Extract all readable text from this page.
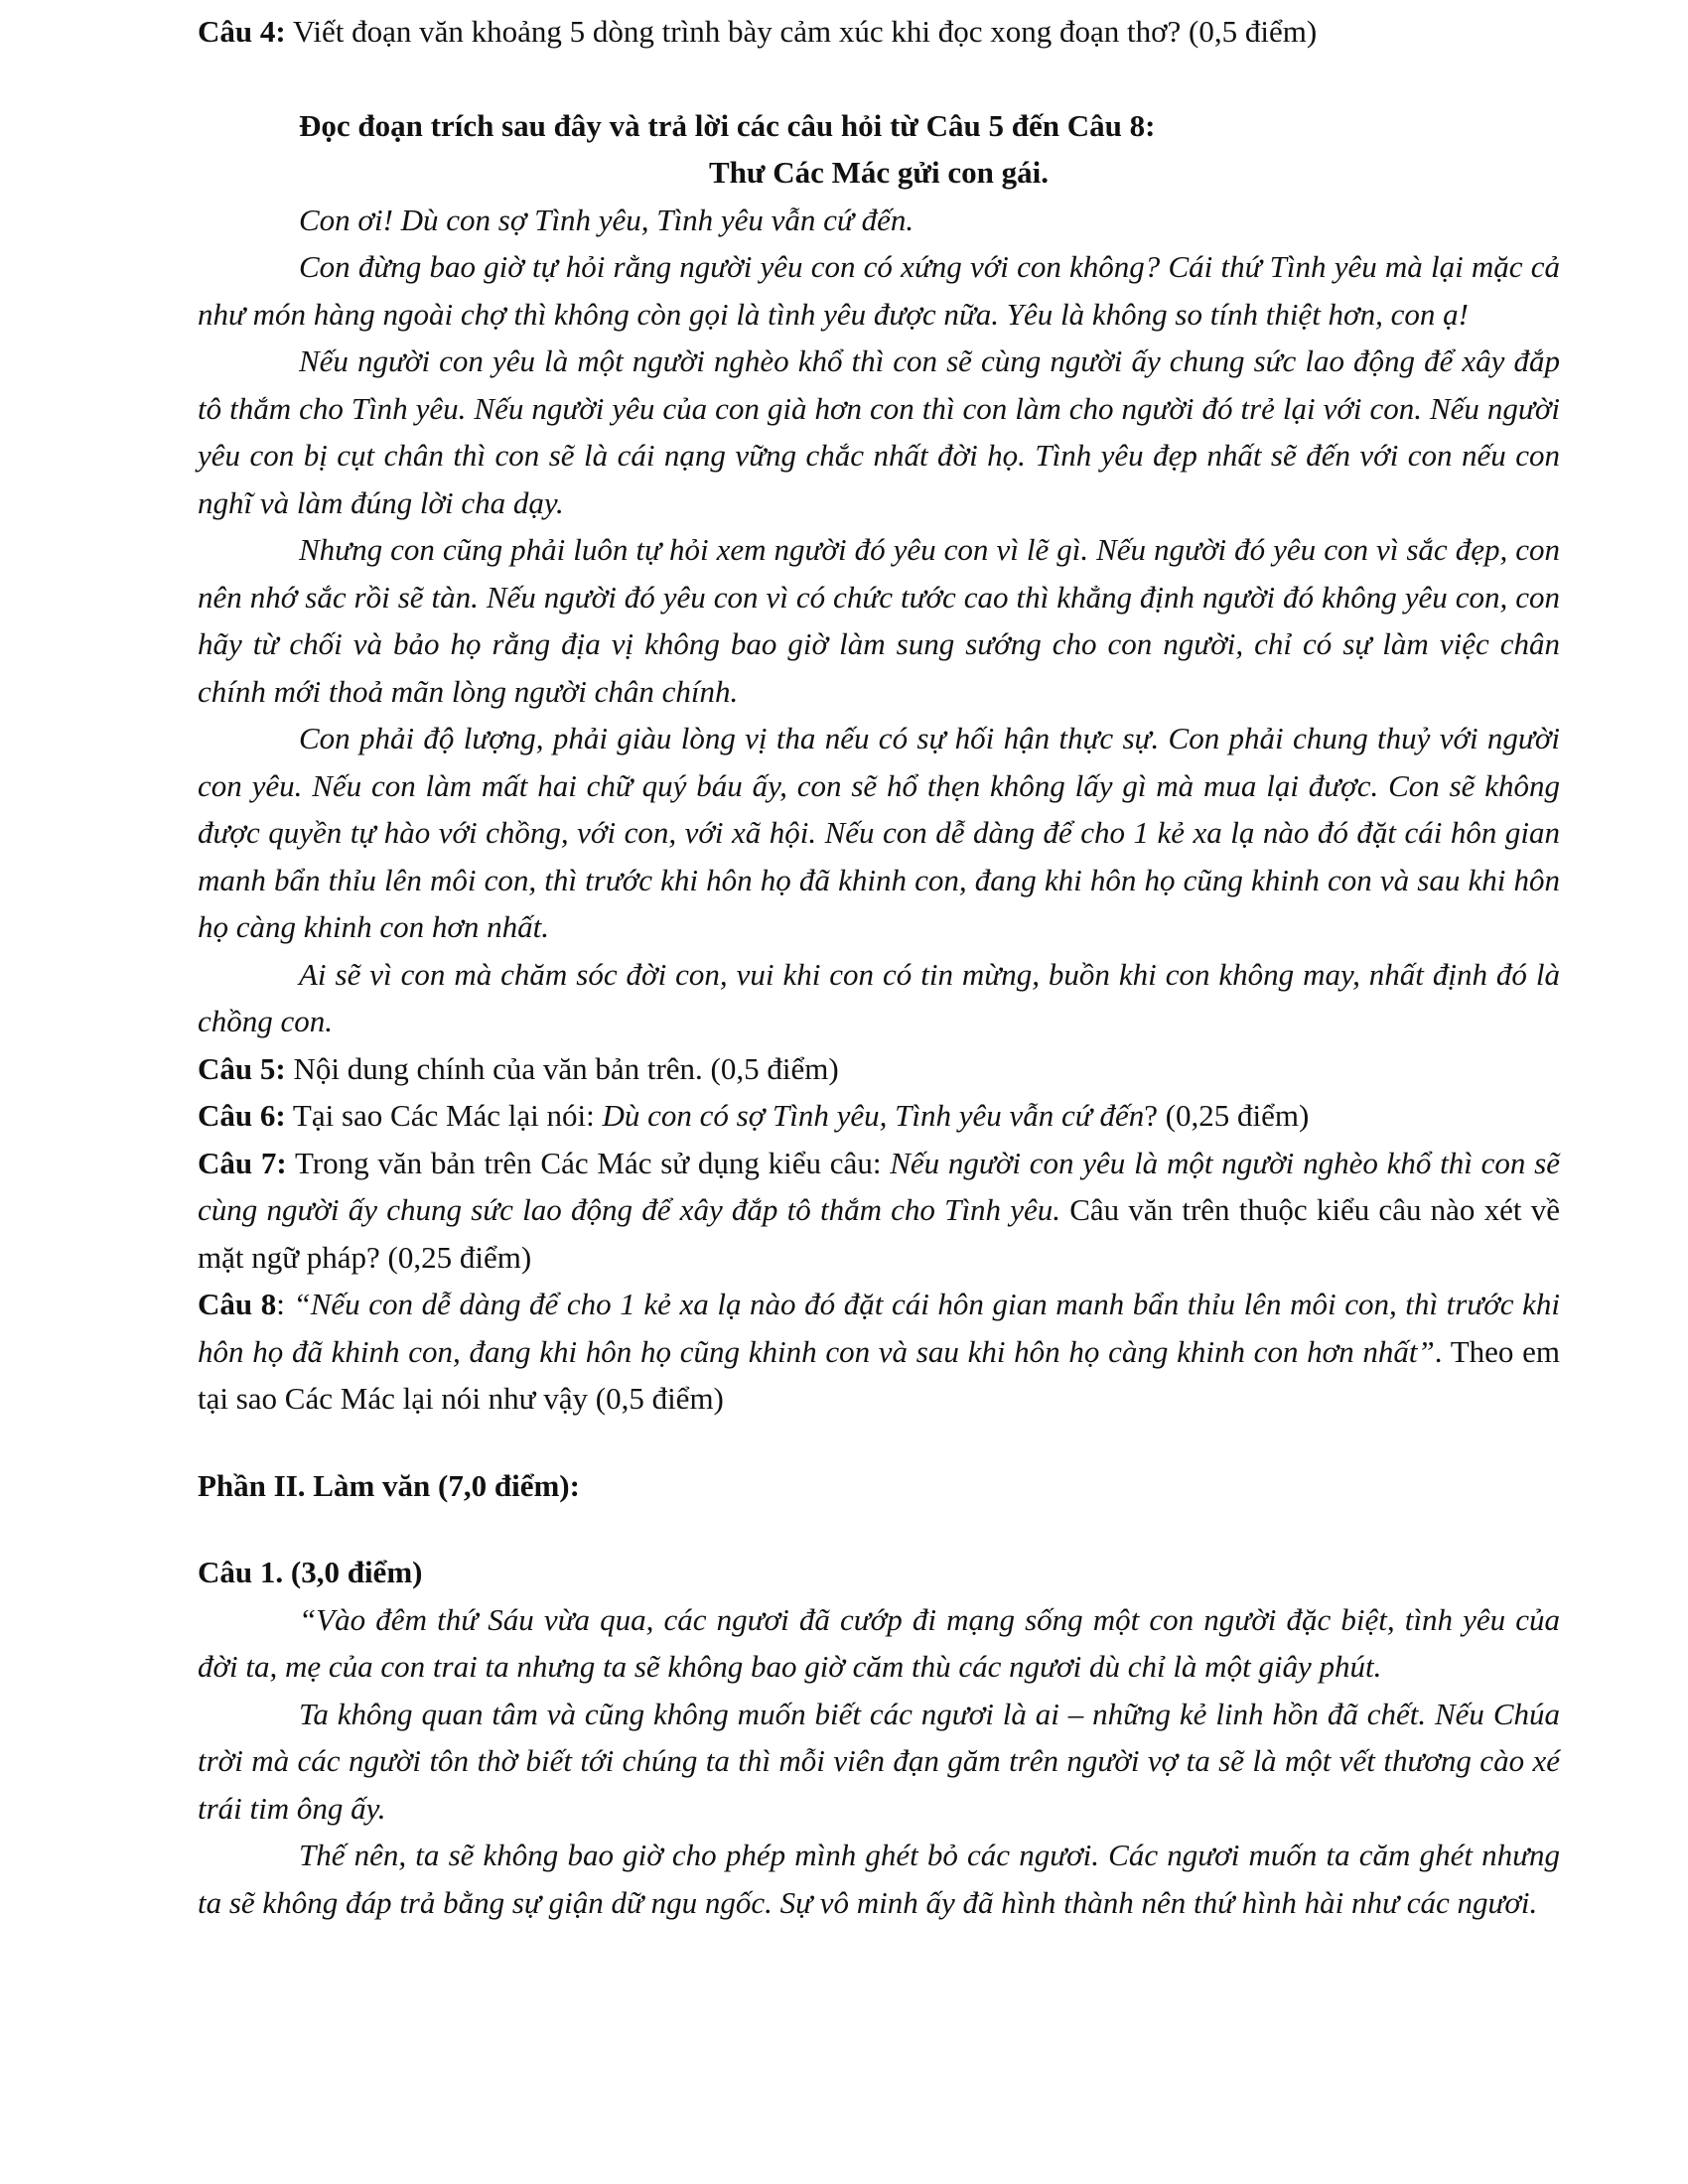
Câu 4: Viết đoạn văn khoảng 5 dòng trình bày cảm xúc khi đọc xong đoạn thơ? (0,5 điểm)

Đọc đoạn trích sau đây và trả lời các câu hỏi từ Câu 5 đến Câu 8:

Thư Các Mác gửi con gái.

Con ơi! Dù con sợ Tình yêu, Tình yêu vẫn cứ đến.

Con đừng bao giờ tự hỏi rằng người yêu con có xứng với con không? Cái thứ Tình yêu mà lại mặc cả như món hàng ngoài chợ thì không còn gọi là tình yêu được nữa. Yêu là không so tính thiệt hơn, con ạ!

Nếu người con yêu là một người nghèo khổ thì con sẽ cùng người ấy chung sức lao động để xây đắp tô thắm cho Tình yêu. Nếu người yêu của con già hơn con thì con làm cho người đó trẻ lại với con. Nếu người yêu con bị cụt chân thì con sẽ là cái nạng vững chắc nhất đời họ. Tình yêu đẹp nhất sẽ đến với con nếu con nghĩ và làm đúng lời cha dạy.

Nhưng con cũng phải luôn tự hỏi xem người đó yêu con vì lẽ gì. Nếu người đó yêu con vì sắc đẹp, con nên nhớ sắc rồi sẽ tàn. Nếu người đó yêu con vì có chức tước cao thì khẳng định người đó không yêu con, con hãy từ chối và bảo họ rằng địa vị không bao giờ làm sung sướng cho con người, chỉ có sự làm việc chân chính mới thoả mãn lòng người chân chính.

Con phải độ lượng, phải giàu lòng vị tha nếu có sự hối hận thực sự. Con phải chung thuỷ với người con yêu. Nếu con làm mất hai chữ quý báu ấy, con sẽ hổ thẹn không lấy gì mà mua lại được. Con sẽ không được quyền tự hào với chồng, với con, với xã hội. Nếu con dễ dàng để cho 1 kẻ xa lạ nào đó đặt cái hôn gian manh bẩn thỉu lên môi con, thì trước khi hôn họ đã khinh con, đang khi hôn họ cũng khinh con và sau khi hôn họ càng khinh con hơn nhất.

Ai sẽ vì con mà chăm sóc đời con, vui khi con có tin mừng, buồn khi con không may, nhất định đó là chồng con.

Câu 5: Nội dung chính của văn bản trên. (0,5 điểm)

Câu 6: Tại sao Các Mác lại nói: Dù con có sợ Tình yêu, Tình yêu vẫn cứ đến? (0,25 điểm)

Câu 7: Trong văn bản trên Các Mác sử dụng kiểu câu: Nếu người con yêu là một người nghèo khổ thì con sẽ cùng người ấy chung sức lao động để xây đắp tô thắm cho Tình yêu. Câu văn trên thuộc kiểu câu nào xét về mặt ngữ pháp? (0,25 điểm)

Câu 8: “Nếu con dễ dàng để cho 1 kẻ xa lạ nào đó đặt cái hôn gian manh bẩn thỉu lên môi con, thì trước khi hôn họ đã khinh con, đang khi hôn họ cũng khinh con và sau khi hôn họ càng khinh con hơn nhất”. Theo em tại sao Các Mác lại nói như vậy (0,5 điểm)

Phần II. Làm văn (7,0 điểm):

Câu 1. (3,0 điểm)

“Vào đêm thứ Sáu vừa qua, các ngươi đã cướp đi mạng sống một con người đặc biệt, tình yêu của đời ta, mẹ của con trai ta nhưng ta sẽ không bao giờ căm thù các ngươi dù chỉ là một giây phút.

Ta không quan tâm và cũng không muốn biết các ngươi là ai – những kẻ linh hồn đã chết. Nếu Chúa trời mà các người tôn thờ biết tới chúng ta thì mỗi viên đạn găm trên người vợ ta sẽ là một vết thương cào xé trái tim ông ấy.

Thế nên, ta sẽ không bao giờ cho phép mình ghét bỏ các ngươi. Các ngươi muốn ta căm ghét nhưng ta sẽ không đáp trả bằng sự giận dữ ngu ngốc. Sự vô minh ấy đã hình thành nên thứ hình hài như các ngươi.
